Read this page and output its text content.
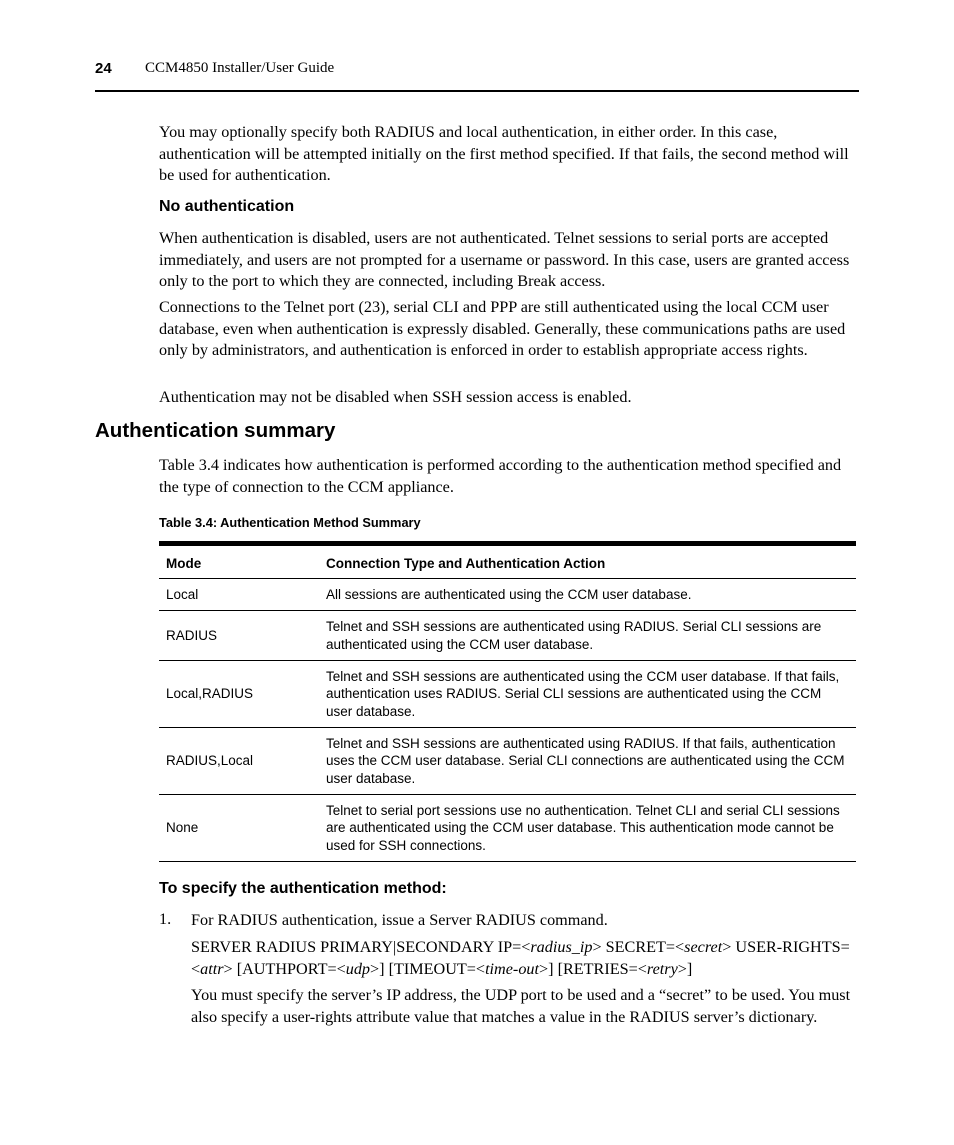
24 CCM4850 Installer/User Guide
You may optionally specify both RADIUS and local authentication, in either order. In this case, authentication will be attempted initially on the first method specified. If that fails, the second method will be used for authentication.
No authentication
When authentication is disabled, users are not authenticated. Telnet sessions to serial ports are accepted immediately, and users are not prompted for a username or password. In this case, users are granted access only to the port to which they are connected, including Break access.
Connections to the Telnet port (23), serial CLI and PPP are still authenticated using the local CCM user database, even when authentication is expressly disabled. Generally, these communications paths are used only by administrators, and authentication is enforced in order to establish appropriate access rights.
Authentication may not be disabled when SSH session access is enabled.
Authentication summary
Table 3.4 indicates how authentication is performed according to the authentication method specified and the type of connection to the CCM appliance.
Table 3.4: Authentication Method Summary
Mode	Connection Type and Authentication Action
Local	All sessions are authenticated using the CCM user database.
RADIUS	Telnet and SSH sessions are authenticated using RADIUS. Serial CLI sessions are authenticated using the CCM user database.
Local,RADIUS	Telnet and SSH sessions are authenticated using the CCM user database. If that fails, authentication uses RADIUS. Serial CLI sessions are authenticated using the CCM user database.
RADIUS,Local	Telnet and SSH sessions are authenticated using RADIUS. If that fails, authentication uses the CCM user database. Serial CLI connections are authenticated using the CCM user database.
None	Telnet to serial port sessions use no authentication. Telnet CLI and serial CLI sessions are authenticated using the CCM user database. This authentication mode cannot be used for SSH connections.
To specify the authentication method:
1. For RADIUS authentication, issue a Server RADIUS command.
SERVER RADIUS PRIMARY|SECONDARY IP=<radius_ip> SECRET=<secret> USER-RIGHTS=<attr> [AUTHPORT=<udp>] [TIMEOUT=<time-out>] [RETRIES=<retry>]
You must specify the server’s IP address, the UDP port to be used and a “secret” to be used. You must also specify a user-rights attribute value that matches a value in the RADIUS server’s dictionary.
